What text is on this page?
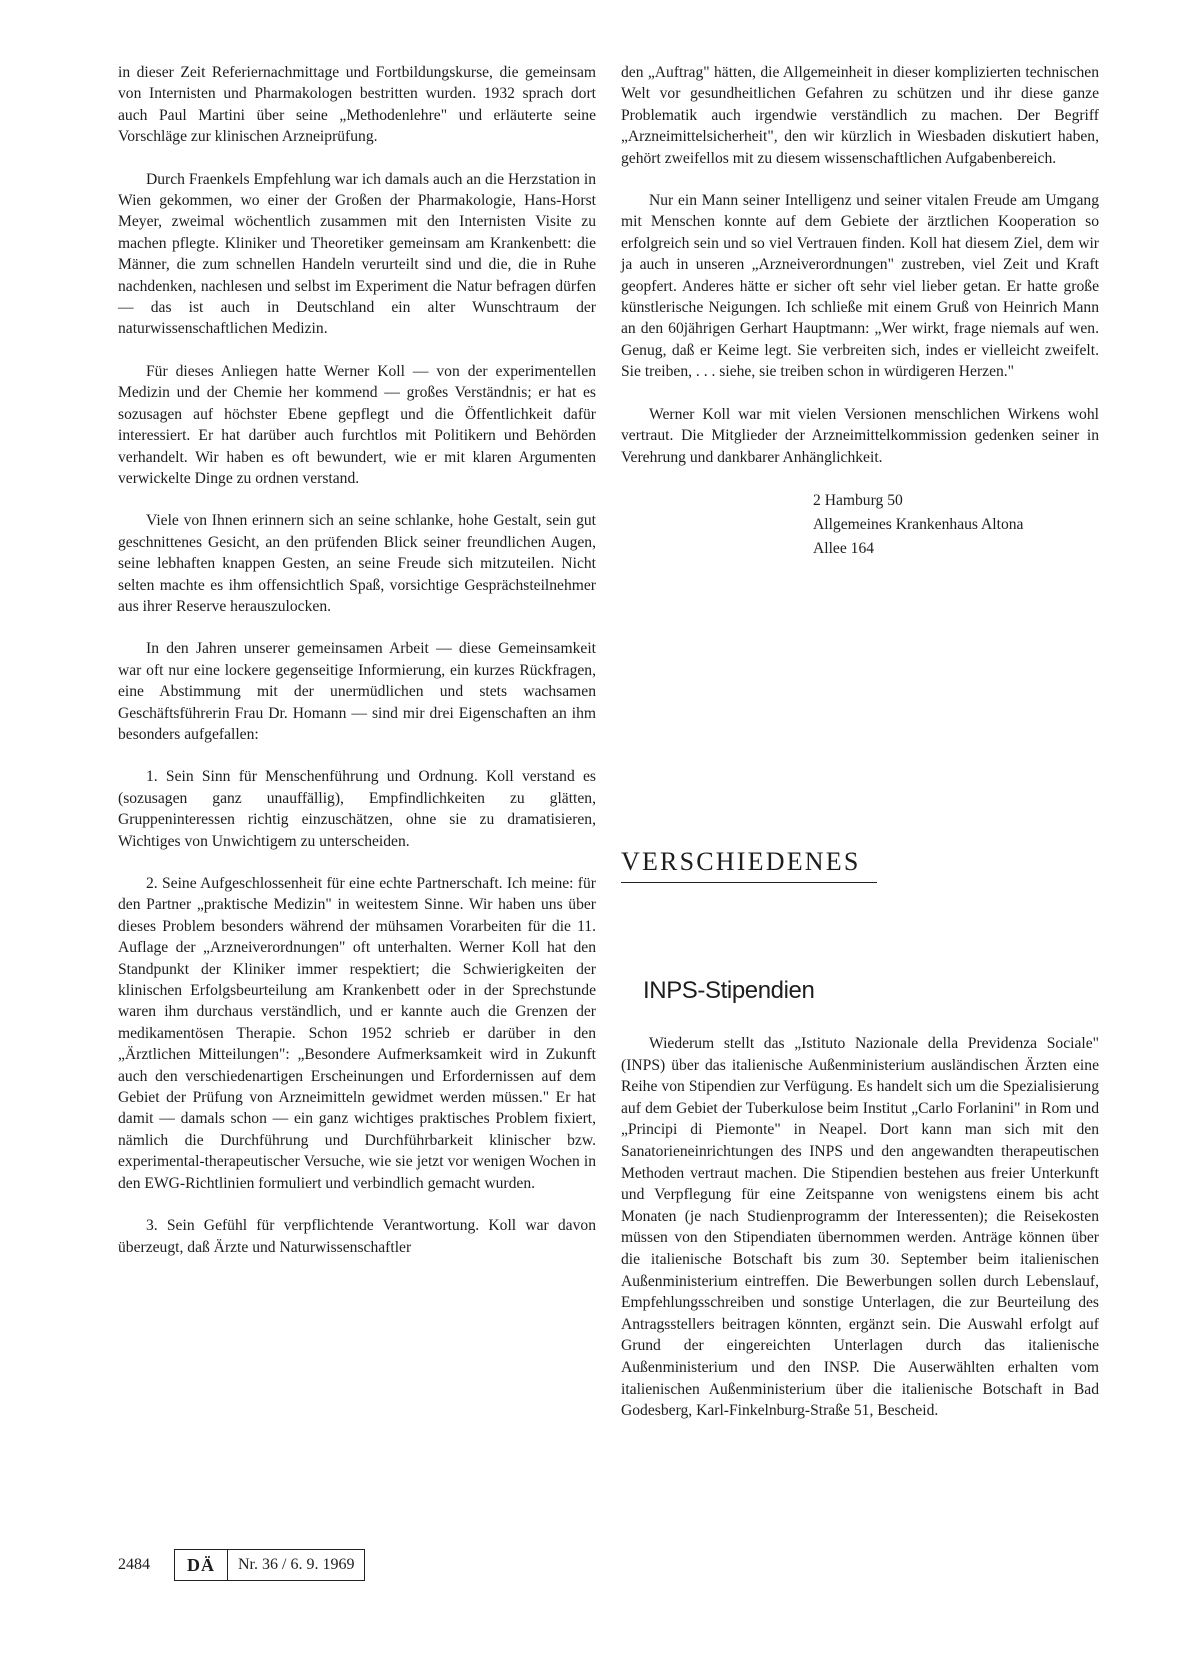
in dieser Zeit Referiernachmittage und Fortbildungskurse, die gemeinsam von Internisten und Pharmakologen bestritten wurden. 1932 sprach dort auch Paul Martini über seine „Methodenlehre" und erläuterte seine Vorschläge zur klinischen Arzneiprüfung.

Durch Fraenkels Empfehlung war ich damals auch an die Herzstation in Wien gekommen, wo einer der Großen der Pharmakologie, Hans-Horst Meyer, zweimal wöchentlich zusammen mit den Internisten Visite zu machen pflegte. Kliniker und Theoretiker gemeinsam am Krankenbett: die Männer, die zum schnellen Handeln verurteilt sind und die, die in Ruhe nachdenken, nachlesen und selbst im Experiment die Natur befragen dürfen — das ist auch in Deutschland ein alter Wunschtraum der naturwissenschaftlichen Medizin.

Für dieses Anliegen hatte Werner Koll — von der experimentellen Medizin und der Chemie her kommend — großes Verständnis; er hat es sozusagen auf höchster Ebene gepflegt und die Öffentlichkeit dafür interessiert. Er hat darüber auch furchtlos mit Politikern und Behörden verhandelt. Wir haben es oft bewundert, wie er mit klaren Argumenten verwickelte Dinge zu ordnen verstand.

Viele von Ihnen erinnern sich an seine schlanke, hohe Gestalt, sein gut geschnittenes Gesicht, an den prüfenden Blick seiner freundlichen Augen, seine lebhaften knappen Gesten, an seine Freude sich mitzuteilen. Nicht selten machte es ihm offensichtlich Spaß, vorsichtige Gesprächsteilnehmer aus ihrer Reserve herauszulocken.

In den Jahren unserer gemeinsamen Arbeit — diese Gemeinsamkeit war oft nur eine lockere gegenseitige Informierung, ein kurzes Rückfragen, eine Abstimmung mit der unermüdlichen und stets wachsamen Geschäftsführerin Frau Dr. Homann — sind mir drei Eigenschaften an ihm besonders aufgefallen:

1. Sein Sinn für Menschenführung und Ordnung. Koll verstand es (sozusagen ganz unauffällig), Empfindlichkeiten zu glätten, Gruppeninteressen richtig einzuschätzen, ohne sie zu dramatisieren, Wichtiges von Unwichtigem zu unterscheiden.

2. Seine Aufgeschlossenheit für eine echte Partnerschaft. Ich meine: für den Partner „praktische Medizin" in weitestem Sinne. Wir haben uns über dieses Problem besonders während der mühsamen Vorarbeiten für die 11. Auflage der „Arzneiverordnungen" oft unterhalten. Werner Koll hat den Standpunkt der Kliniker immer respektiert; die Schwierigkeiten der klinischen Erfolgsbeurteilung am Krankenbett oder in der Sprechstunde waren ihm durchaus verständlich, und er kannte auch die Grenzen der medikamentösen Therapie. Schon 1952 schrieb er darüber in den „Ärztlichen Mitteilungen": „Besondere Aufmerksamkeit wird in Zukunft auch den verschiedenartigen Erscheinungen und Erfordernissen auf dem Gebiet der Prüfung von Arzneimitteln gewidmet werden müssen." Er hat damit — damals schon — ein ganz wichtiges praktisches Problem fixiert, nämlich die Durchführung und Durchführbarkeit klinischer bzw. experimental-therapeutischer Versuche, wie sie jetzt vor wenigen Wochen in den EWG-Richtlinien formuliert und verbindlich gemacht wurden.

3. Sein Gefühl für verpflichtende Verantwortung. Koll war davon überzeugt, daß Ärzte und Naturwissenschaftler

den „Auftrag" hätten, die Allgemeinheit in dieser komplizierten technischen Welt vor gesundheitlichen Gefahren zu schützen und ihr diese ganze Problematik auch irgendwie verständlich zu machen. Der Begriff „Arzneimittelsicherheit", den wir kürzlich in Wiesbaden diskutiert haben, gehört zweifellos mit zu diesem wissenschaftlichen Aufgabenbereich.

Nur ein Mann seiner Intelligenz und seiner vitalen Freude am Umgang mit Menschen konnte auf dem Gebiete der ärztlichen Kooperation so erfolgreich sein und so viel Vertrauen finden. Koll hat diesem Ziel, dem wir ja auch in unseren „Arzneiverordnungen" zustreben, viel Zeit und Kraft geopfert. Anderes hätte er sicher oft sehr viel lieber getan. Er hatte große künstlerische Neigungen. Ich schließe mit einem Gruß von Heinrich Mann an den 60jährigen Gerhart Hauptmann: „Wer wirkt, frage niemals auf wen. Genug, daß er Keime legt. Sie verbreiten sich, indes er vielleicht zweifelt. Sie treiben, . . . siehe, sie treiben schon in würdigeren Herzen."

Werner Koll war mit vielen Versionen menschlichen Wirkens wohl vertraut. Die Mitglieder der Arzneimittelkommission gedenken seiner in Verehrung und dankbarer Anhänglichkeit.

2 Hamburg 50
Allgemeines Krankenhaus Altona
Allee 164
VERSCHIEDENES
INPS-Stipendien

Wiederum stellt das „Istituto Nazionale della Previdenza Sociale" (INPS) über das italienische Außenministerium ausländischen Ärzten eine Reihe von Stipendien zur Verfügung. Es handelt sich um die Spezialisierung auf dem Gebiet der Tuberkulose beim Institut „Carlo Forlanini" in Rom und „Principi di Piemonte" in Neapel. Dort kann man sich mit den Sanatorieneinrichtungen des INPS und den angewandten therapeutischen Methoden vertraut machen. Die Stipendien bestehen aus freier Unterkunft und Verpflegung für eine Zeitspanne von wenigstens einem bis acht Monaten (je nach Studienprogramm der Interessenten); die Reisekosten müssen von den Stipendiaten übernommen werden. Anträge können über die italienische Botschaft bis zum 30. September beim italienischen Außenministerium eintreffen. Die Bewerbungen sollen durch Lebenslauf, Empfehlungsschreiben und sonstige Unterlagen, die zur Beurteilung des Antragsstellers beitragen könnten, ergänzt sein. Die Auswahl erfolgt auf Grund der eingereichten Unterlagen durch das italienische Außenministerium und den INSP. Die Auserwählten erhalten vom italienischen Außenministerium über die italienische Botschaft in Bad Godesberg, Karl-Finkelnburg-Straße 51, Bescheid.

2484	DÄ	Nr. 36 / 6. 9. 1969
